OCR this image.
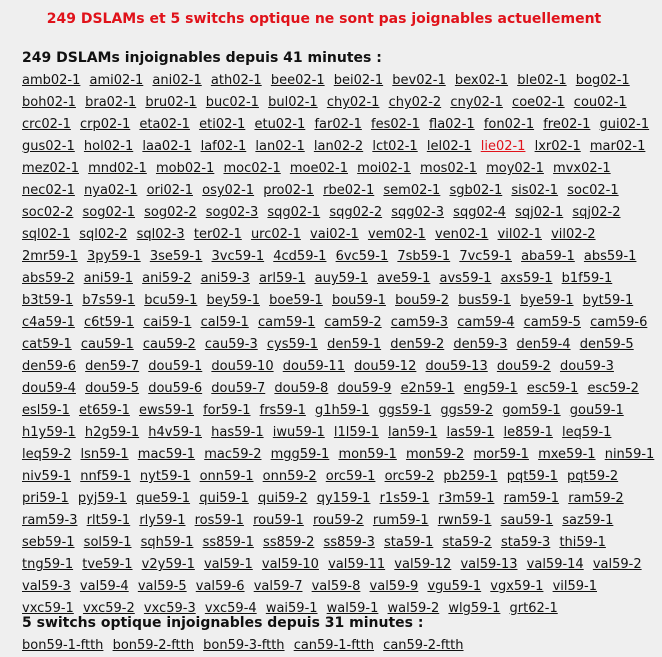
249 DSLAMs et 5 switchs optique ne sont pas joignables actuellement
249 DSLAMs injoignables depuis 41 minutes :
amb02-1 ami02-1 ani02-1 ath02-1 bee02-1 bei02-1 bev02-1 bex02-1 ble02-1 bog02-1 boh02-1 bra02-1 bru02-1 buc02-1 bul02-1 chy02-1 chy02-2 cny02-1 coe02-1 cou02-1 crc02-1 crp02-1 eta02-1 eti02-1 etu02-1 far02-1 fes02-1 fla02-1 fon02-1 fre02-1 gui02-1 gus02-1 hol02-1 laa02-1 laf02-1 lan02-1 lan02-2 lct02-1 lel02-1 lie02-1 lxr02-1 mar02-1 mez02-1 mnd02-1 mob02-1 moc02-1 moe02-1 moi02-1 mos02-1 moy02-1 mvx02-1 nec02-1 nya02-1 ori02-1 osy02-1 pro02-1 rbe02-1 sem02-1 sgb02-1 sis02-1 soc02-1 soc02-2 sog02-1 sog02-2 sog02-3 sqg02-1 sqg02-2 sqg02-3 sqg02-4 sqj02-1 sqj02-2 sql02-1 sql02-2 sql02-3 ter02-1 urc02-1 vai02-1 vem02-1 ven02-1 vil02-1 vil02-2 2mr59-1 3py59-1 3se59-1 3vc59-1 4cd59-1 6vc59-1 7sb59-1 7vc59-1 aba59-1 abs59-1 abs59-2 ani59-1 ani59-2 ani59-3 arl59-1 auy59-1 ave59-1 avs59-1 axs59-1 b1f59-1 b3t59-1 b7s59-1 bcu59-1 bey59-1 boe59-1 bou59-1 bou59-2 bus59-1 bye59-1 byt59-1 c4a59-1 c6t59-1 cai59-1 cal59-1 cam59-1 cam59-2 cam59-3 cam59-4 cam59-5 cam59-6 cat59-1 cau59-1 cau59-2 cau59-3 cys59-1 den59-1 den59-2 den59-3 den59-4 den59-5 den59-6 den59-7 dou59-1 dou59-10 dou59-11 dou59-12 dou59-13 dou59-2 dou59-3 dou59-4 dou59-5 dou59-6 dou59-7 dou59-8 dou59-9 e2n59-1 eng59-1 esc59-1 esc59-2 esl59-1 et659-1 ews59-1 for59-1 frs59-1 g1h59-1 ggs59-1 ggs59-2 gom59-1 gou59-1 h1y59-1 h2g59-1 h4v59-1 has59-1 iwu59-1 l1l59-1 lan59-1 las59-1 le859-1 leq59-1 leq59-2 lsn59-1 mac59-1 mac59-2 mgg59-1 mon59-1 mon59-2 mor59-1 mxe59-1 nin59-1 niv59-1 nnf59-1 nyt59-1 onn59-1 onn59-2 orc59-1 orc59-2 pb259-1 pqt59-1 pqt59-2 pri59-1 pyj59-1 que59-1 qui59-1 qui59-2 qy159-1 r1s59-1 r3m59-1 ram59-1 ram59-2 ram59-3 rlt59-1 rly59-1 ros59-1 rou59-1 rou59-2 rum59-1 rwn59-1 sau59-1 saz59-1 seb59-1 sol59-1 sqh59-1 ss859-1 ss859-2 ss859-3 sta59-1 sta59-2 sta59-3 thi59-1 tng59-1 tve59-1 v2y59-1 val59-1 val59-10 val59-11 val59-12 val59-13 val59-14 val59-2 val59-3 val59-4 val59-5 val59-6 val59-7 val59-8 val59-9 vgu59-1 vgx59-1 vil59-1 vxc59-1 vxc59-2 vxc59-3 vxc59-4 wai59-1 wal59-1 wal59-2 wlg59-1 grt62-1
5 switchs optique injoignables depuis 31 minutes :
bon59-1-ftth bon59-2-ftth bon59-3-ftth can59-1-ftth can59-2-ftth
